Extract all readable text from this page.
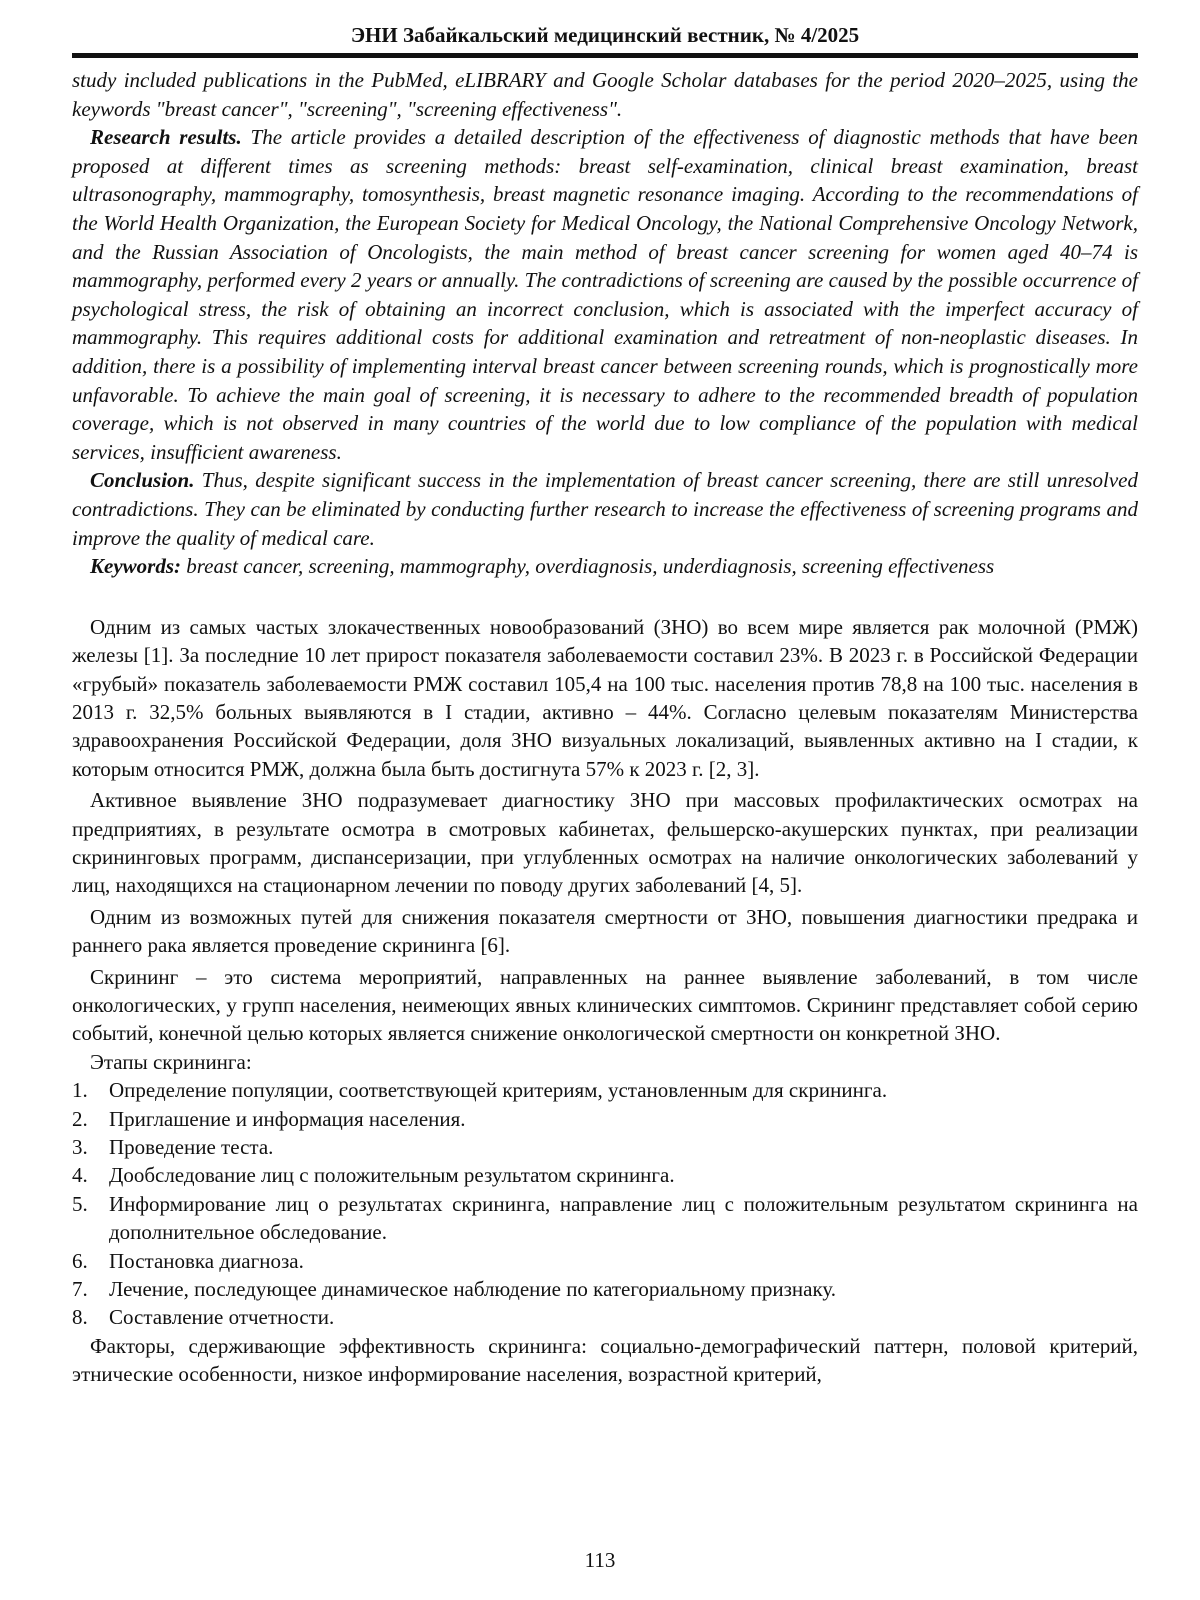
ЭНИ Забайкальский медицинский вестник, № 4/2025

study included publications in the PubMed, eLIBRARY and Google Scholar databases for the period 2020–2025, using the keywords "breast cancer", "screening", "screening effectiveness".

Research results. The article provides a detailed description of the effectiveness of diagnostic methods that have been proposed at different times as screening methods: breast self-examination, clinical breast examination, breast ultrasonography, mammography, tomosynthesis, breast magnetic resonance imaging. According to the recommendations of the World Health Organization, the European Society for Medical Oncology, the National Comprehensive Oncology Network, and the Russian Association of Oncologists, the main method of breast cancer screening for women aged 40–74 is mammography, performed every 2 years or annually. The contradictions of screening are caused by the possible occurrence of psychological stress, the risk of obtaining an incorrect conclusion, which is associated with the imperfect accuracy of mammography. This requires additional costs for additional examination and retreatment of non-neoplastic diseases. In addition, there is a possibility of implementing interval breast cancer between screening rounds, which is prognostically more unfavorable. To achieve the main goal of screening, it is necessary to adhere to the recommended breadth of population coverage, which is not observed in many countries of the world due to low compliance of the population with medical services, insufficient awareness.

Conclusion. Thus, despite significant success in the implementation of breast cancer screening, there are still unresolved contradictions. They can be eliminated by conducting further research to increase the effectiveness of screening programs and improve the quality of medical care.

Keywords: breast cancer, screening, mammography, overdiagnosis, underdiagnosis, screening effectiveness

Одним из самых частых злокачественных новообразований (ЗНО) во всем мире является рак молочной (РМЖ) железы [1]. За последние 10 лет прирост показателя заболеваемости составил 23%. В 2023 г. в Российской Федерации «грубый» показатель заболеваемости РМЖ составил 105,4 на 100 тыс. населения против 78,8 на 100 тыс. населения в 2013 г. 32,5% больных выявляются в I стадии, активно – 44%. Согласно целевым показателям Министерства здравоохранения Российской Федерации, доля ЗНО визуальных локализаций, выявленных активно на I стадии, к которым относится РМЖ, должна была быть достигнута 57% к 2023 г. [2, 3].

Активное выявление ЗНО подразумевает диагностику ЗНО при массовых профилактических осмотрах на предприятиях, в результате осмотра в смотровых кабинетах, фельшерско-акушерских пунктах, при реализации скрининговых программ, диспансеризации, при углубленных осмотрах на наличие онкологических заболеваний у лиц, находящихся на стационарном лечении по поводу других заболеваний [4, 5].

Одним из возможных путей для снижения показателя смертности от ЗНО, повышения диагностики предрака и раннего рака является проведение скрининга [6].

Скрининг – это система мероприятий, направленных на раннее выявление заболеваний, в том числе онкологических, у групп населения, неимеющих явных клинических симптомов. Скрининг представляет собой серию событий, конечной целью которых является снижение онкологической смертности он конкретной ЗНО.

Этапы скрининга:

1. Определение популяции, соответствующей критериям, установленным для скрининга.
2. Приглашение и информация населения.
3. Проведение теста.
4. Дообследование лиц с положительным результатом скрининга.
5. Информирование лиц о результатах скрининга, направление лиц с положительным результатом скрининга на дополнительное обследование.
6. Постановка диагноза.
7. Лечение, последующее динамическое наблюдение по категориальному признаку.
8. Составление отчетности.

Факторы, сдерживающие эффективность скрининга: социально-демографический паттерн, половой критерий, этнические особенности, низкое информирование населения, возрастной критерий,

113
